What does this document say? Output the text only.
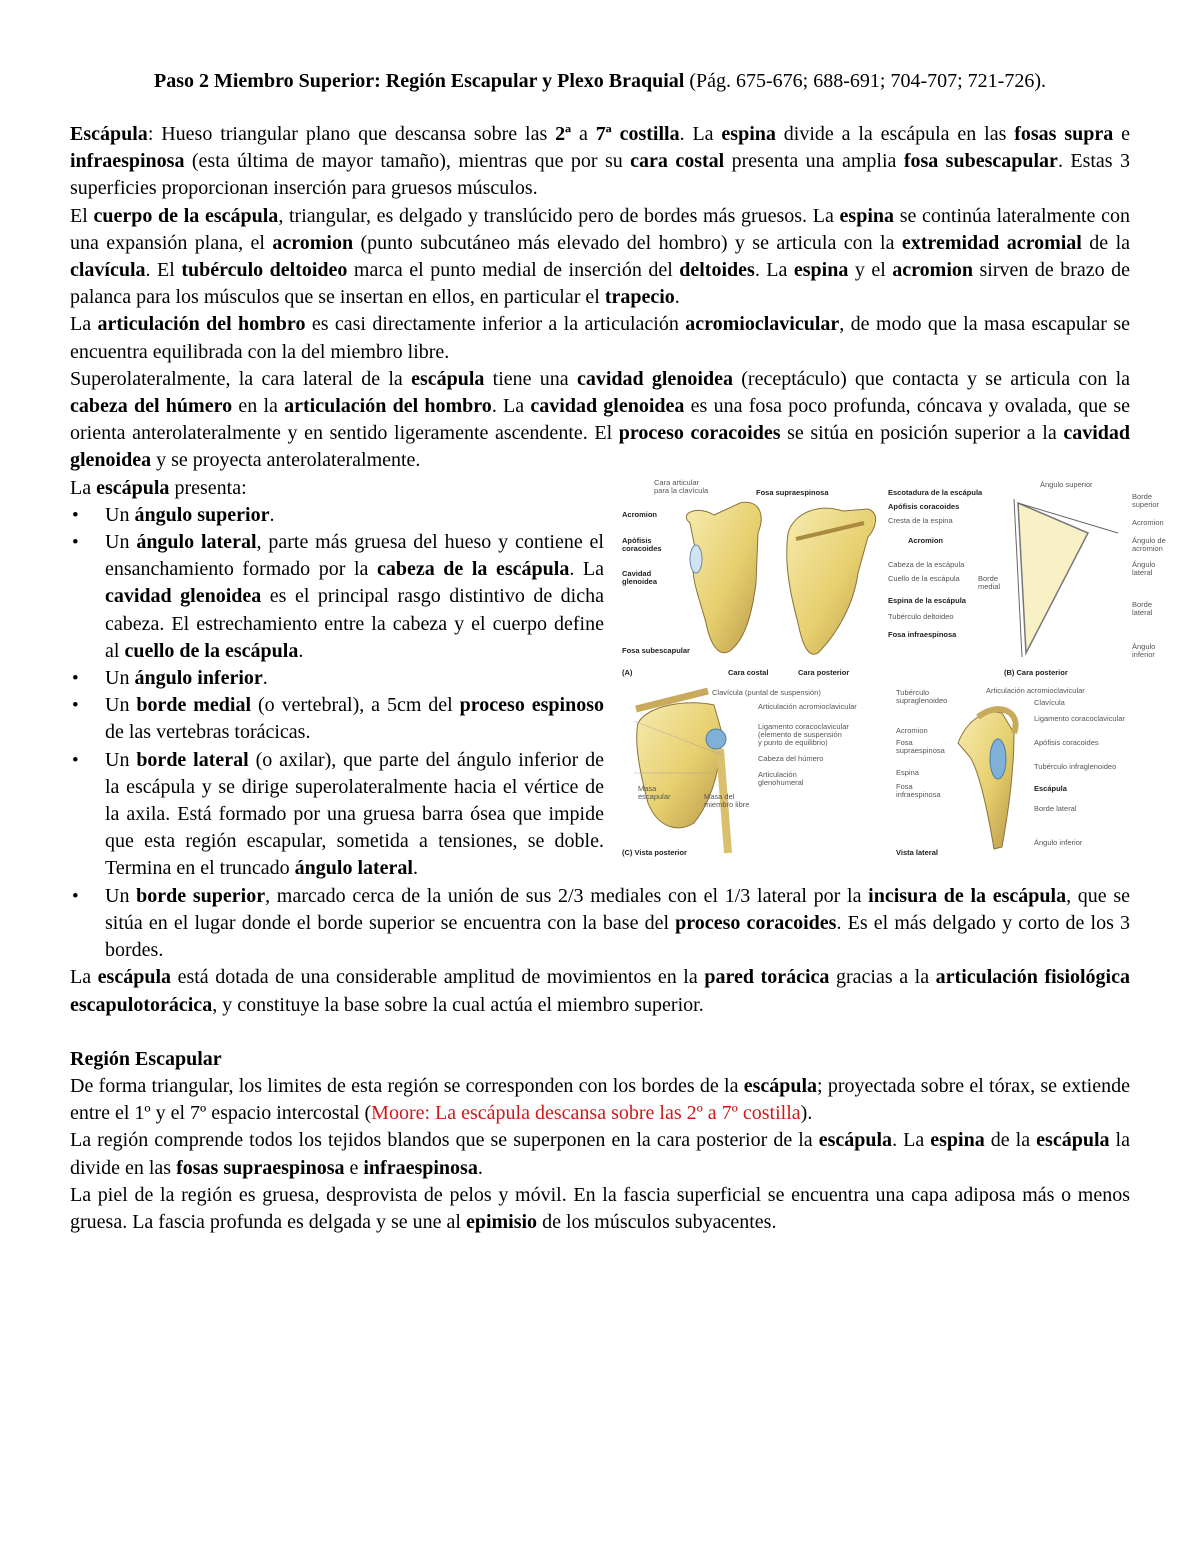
Paso 2 Miembro Superior: Región Escapular y Plexo Braquial (Pág. 675-676; 688-691; 704-707; 721-726).

Escápula: Hueso triangular plano que descansa sobre las 2ª a 7ª costilla. La espina divide a la escápula en las fosas supra e infraespinosa (esta última de mayor tamaño), mientras que por su cara costal presenta una amplia fosa subescapular. Estas 3 superficies proporcionan inserción para gruesos músculos.

El cuerpo de la escápula, triangular, es delgado y translúcido pero de bordes más gruesos. La espina se continúa lateralmente con una expansión plana, el acromion (punto subcutáneo más elevado del hombro) y se articula con la extremidad acromial de la clavícula. El tubérculo deltoideo marca el punto medial de inserción del deltoides. La espina y el acromion sirven de brazo de palanca para los músculos que se insertan en ellos, en particular el trapecio.

La articulación del hombro es casi directamente inferior a la articulación acromioclavicular, de modo que la masa escapular se encuentra equilibrada con la del miembro libre.

Superolateralmente, la cara lateral de la escápula tiene una cavidad glenoidea (receptáculo) que contacta y se articula con la cabeza del húmero en la articulación del hombro. La cavidad glenoidea es una fosa poco profunda, cóncava y ovalada, que se orienta anterolateralmente y en sentido ligeramente ascendente. El proceso coracoides se sitúa en posición superior a la cavidad glenoidea y se proyecta anterolateralmente.

Cara articular
para la clavícula
Acromion
Apófisis
coracoides
Cavidad
glenoidea
Fosa subescapular
Fosa supraespinosa	Escotadura de la escápula
Apófisis coracoides
Cresta de la espina
Acromion
Cabeza de la escápula
Cuello de la escápula Borde
medial
Espina de la escápula
Tubérculo deltoideo
Fosa infraespinosa
(A)	Cara costal	Cara posterior
Ángulo superior
Borde
superior
Acromion
Ángulo de
acromion
Ángulo
lateral
Borde
lateral
Ángulo
inferior
(B) Cara posterior
Clavícula (puntal de suspensión)
Articulación acromioclavicular
Ligamento coracoclavicular
(elemento de suspensión
y punto de equilibrio)
Cabeza del húmero
Articulación
glenohumeral
Masa
escapular	Masa del
miembro libre
(C) Vista posterior
Tubérculo
supraglenoideo
Acromion
Fosa
supraespinosa
Espina
Fosa
infraespinosa
Articulación acromioclavicular
Clavícula
Ligamento coracoclavicular
Apófisis coracoides
Tubérculo infraglenoideo
Escápula
Borde lateral
Ángulo inferior
Vista lateral

La escápula presenta:

• Un ángulo superior.
• Un ángulo lateral, parte más gruesa del hueso y contiene el ensanchamiento formado por la cabeza de la escápula. La cavidad glenoidea es el principal rasgo distintivo de dicha cabeza. El estrechamiento entre la cabeza y el cuerpo define al cuello de la escápula.
• Un ángulo inferior.
• Un borde medial (o vertebral), a 5cm del proceso espinoso de las vertebras torácicas.
• Un borde lateral (o axilar), que parte del ángulo inferior de la escápula y se dirige superolateralmente hacia el vértice de la axila. Está formado por una gruesa barra ósea que impide que esta región escapular, sometida a tensiones, se doble. Termina en el truncado ángulo lateral.
• Un borde superior, marcado cerca de la unión de sus 2/3 mediales con el 1/3 lateral por la incisura de la escápula, que se sitúa en el lugar donde el borde superior se encuentra con la base del proceso coracoides. Es el más delgado y corto de los 3 bordes.

La escápula está dotada de una considerable amplitud de movimientos en la pared torácica gracias a la articulación fisiológica escapulotorácica, y constituye la base sobre la cual actúa el miembro superior.

Región Escapular

De forma triangular, los limites de esta región se corresponden con los bordes de la escápula; proyectada sobre el tórax, se extiende entre el 1º y el 7º espacio intercostal (Moore: La escápula descansa sobre las 2º a 7º costilla).

La región comprende todos los tejidos blandos que se superponen en la cara posterior de la escápula. La espina de la escápula la divide en las fosas supraespinosa e infraespinosa.

La piel de la región es gruesa, desprovista de pelos y móvil. En la fascia superficial se encuentra una capa adiposa más o menos gruesa. La fascia profunda es delgada y se une al epimisio de los músculos subyacentes.
